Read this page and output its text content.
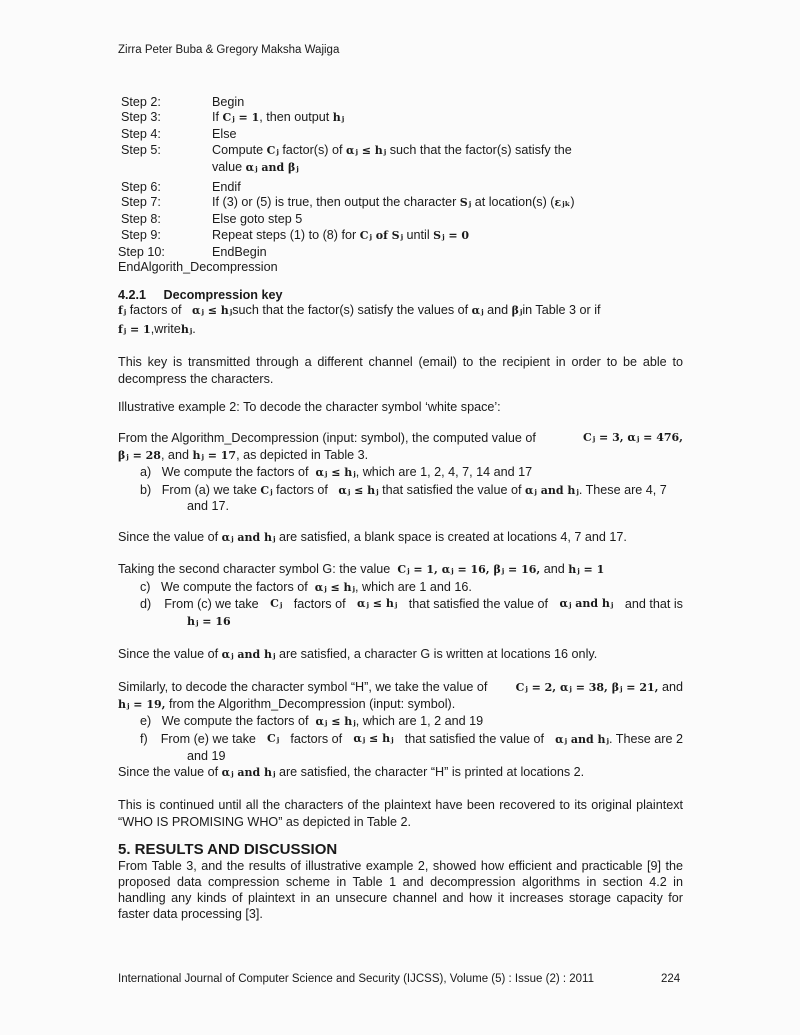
Zirra Peter Buba & Gregory Maksha Wajiga
Step 2:	Begin
Step 3:	If Cⱼ = 1, then output hⱼ
Step 4:	Else
Step 5:	Compute Cⱼ factor(s) of αⱼ ≤ hⱼ such that the factor(s) satisfy the
value αⱼ and βⱼ
Step 6:	Endif
Step 7:	If (3) or (5) is true, then output the character Sⱼ at location(s) (εⱼₖ)
Step 8:	Else goto step 5
Step 9:	Repeat steps (1) to (8) for Cⱼ of Sⱼ until Sⱼ = 0
Step 10:	EndBegin
EndAlgorith_Decompression
4.2.1 Decompression key
fⱼ factors of αⱼ ≤ hⱼsuch that the factor(s) satisfy the values of αⱼ and βⱼin Table 3 or if
fⱼ = 1,writehⱼ.
This key is transmitted through a different channel (email) to the recipient in order to be able to decompress the characters.
Illustrative example 2: To decode the character symbol ‘white space’:
From the Algorithm_Decompression (input: symbol), the computed value of	Cⱼ = 3, αⱼ = 476,
βⱼ = 28, and hⱼ = 17, as depicted in Table 3.
a) We compute the factors of αⱼ ≤ hⱼ, which are 1, 2, 4, 7, 14 and 17
b) From (a) we take Cⱼ factors of αⱼ ≤ hⱼ that satisfied the value of αⱼ and hⱼ. These are 4, 7
and 17.
Since the value of αⱼ and hⱼ are satisfied, a blank space is created at locations 4, 7 and 17.
Taking the second character symbol G: the value Cⱼ = 1, αⱼ = 16, βⱼ = 16, and hⱼ = 1
c) We compute the factors of αⱼ ≤ hⱼ, which are 1 and 16.
d) From (c) we take Cⱼ factors of αⱼ ≤ hⱼ that satisfied the value of αⱼ and hⱼ and that is
hⱼ = 16
Since the value of αⱼ and hⱼ are satisfied, a character G is written at locations 16 only.
Similarly, to decode the character symbol “H”, we take the value of	Cⱼ = 2, αⱼ = 38, βⱼ = 21, and
hⱼ = 19, from the Algorithm_Decompression (input: symbol).
e) We compute the factors of αⱼ ≤ hⱼ, which are 1, 2 and 19
f) From (e) we take Cⱼ factors of αⱼ ≤ hⱼ that satisfied the value of αⱼ and hⱼ. These are 2
and 19
Since the value of αⱼ and hⱼ are satisfied, the character “H” is printed at locations 2.
This is continued until all the characters of the plaintext have been recovered to its original plaintext “WHO IS PROMISING WHO” as depicted in Table 2.
5. RESULTS AND DISCUSSION
From Table 3, and the results of illustrative example 2, showed how efficient and practicable [9] the proposed data compression scheme in Table 1 and decompression algorithms in section 4.2 in handling any kinds of plaintext in an unsecure channel and how it increases storage capacity for faster data processing [3].
International Journal of Computer Science and Security (IJCSS), Volume (5) : Issue (2) : 2011	224
